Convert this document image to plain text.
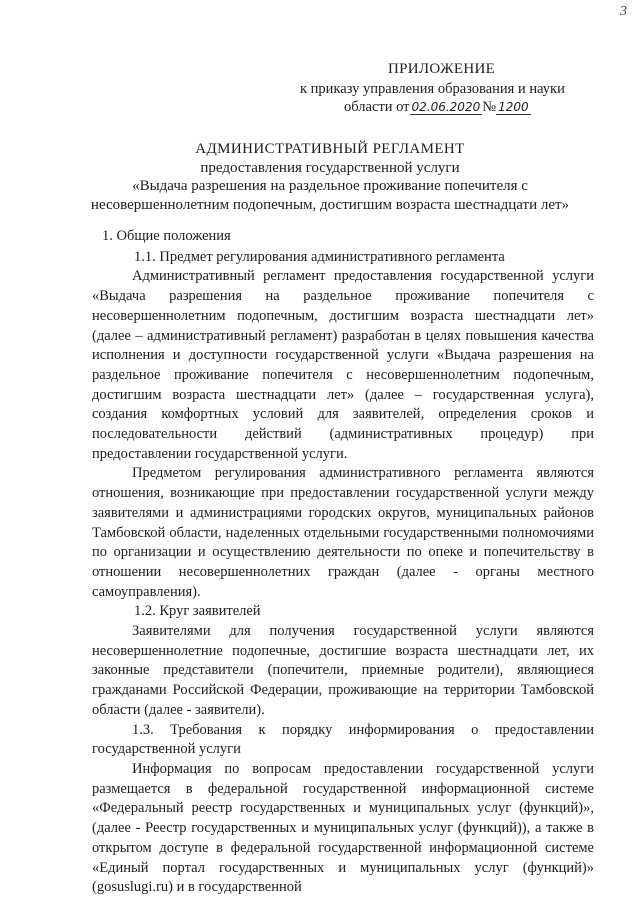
3
ПРИЛОЖЕНИЕ
к приказу управления образования и науки
области от 02.06.2020 № 1200
АДМИНИСТРАТИВНЫЙ РЕГЛАМЕНТ
предоставления государственной услуги
«Выдача разрешения на раздельное проживание попечителя с несовершеннолетним подопечным, достигшим возраста шестнадцати лет»

1. Общие положения

1.1. Предмет регулирования административного регламента

Административный регламент предоставления государственной услуги «Выдача разрешения на раздельное проживание попечителя с несовершеннолетним подопечным, достигшим возраста шестнадцати лет» (далее – административный регламент) разработан в целях повышения качества исполнения и доступности государственной услуги «Выдача разрешения на раздельное проживание попечителя с несовершеннолетним подопечным, достигшим возраста шестнадцати лет» (далее – государственная услуга), создания комфортных условий для заявителей, определения сроков и последовательности действий (административных процедур) при предоставлении государственной услуги.

Предметом регулирования административного регламента являются отношения, возникающие при предоставлении государственной услуги между заявителями и администрациями городских округов, муниципальных районов Тамбовской области, наделенных отдельными государственными полномочиями по организации и осуществлению деятельности по опеке и попечительству в отношении несовершеннолетних граждан (далее - органы местного самоуправления).

1.2. Круг заявителей

Заявителями для получения государственной услуги являются несовершеннолетние подопечные, достигшие возраста шестнадцати лет, их законные представители (попечители, приемные родители), являющиеся гражданами Российской Федерации, проживающие на территории Тамбовской области (далее - заявители).

1.3. Требования к порядку информирования о предоставлении государственной услуги

Информация по вопросам предоставлении государственной услуги размещается в федеральной государственной информационной системе «Федеральный реестр государственных и муниципальных услуг (функций)», (далее - Реестр государственных и муниципальных услуг (функций)), а также в открытом доступе в федеральной государственной информационной системе «Единый портал государственных и муниципальных услуг (функций)» (gosuslugi.ru) и в государственной
